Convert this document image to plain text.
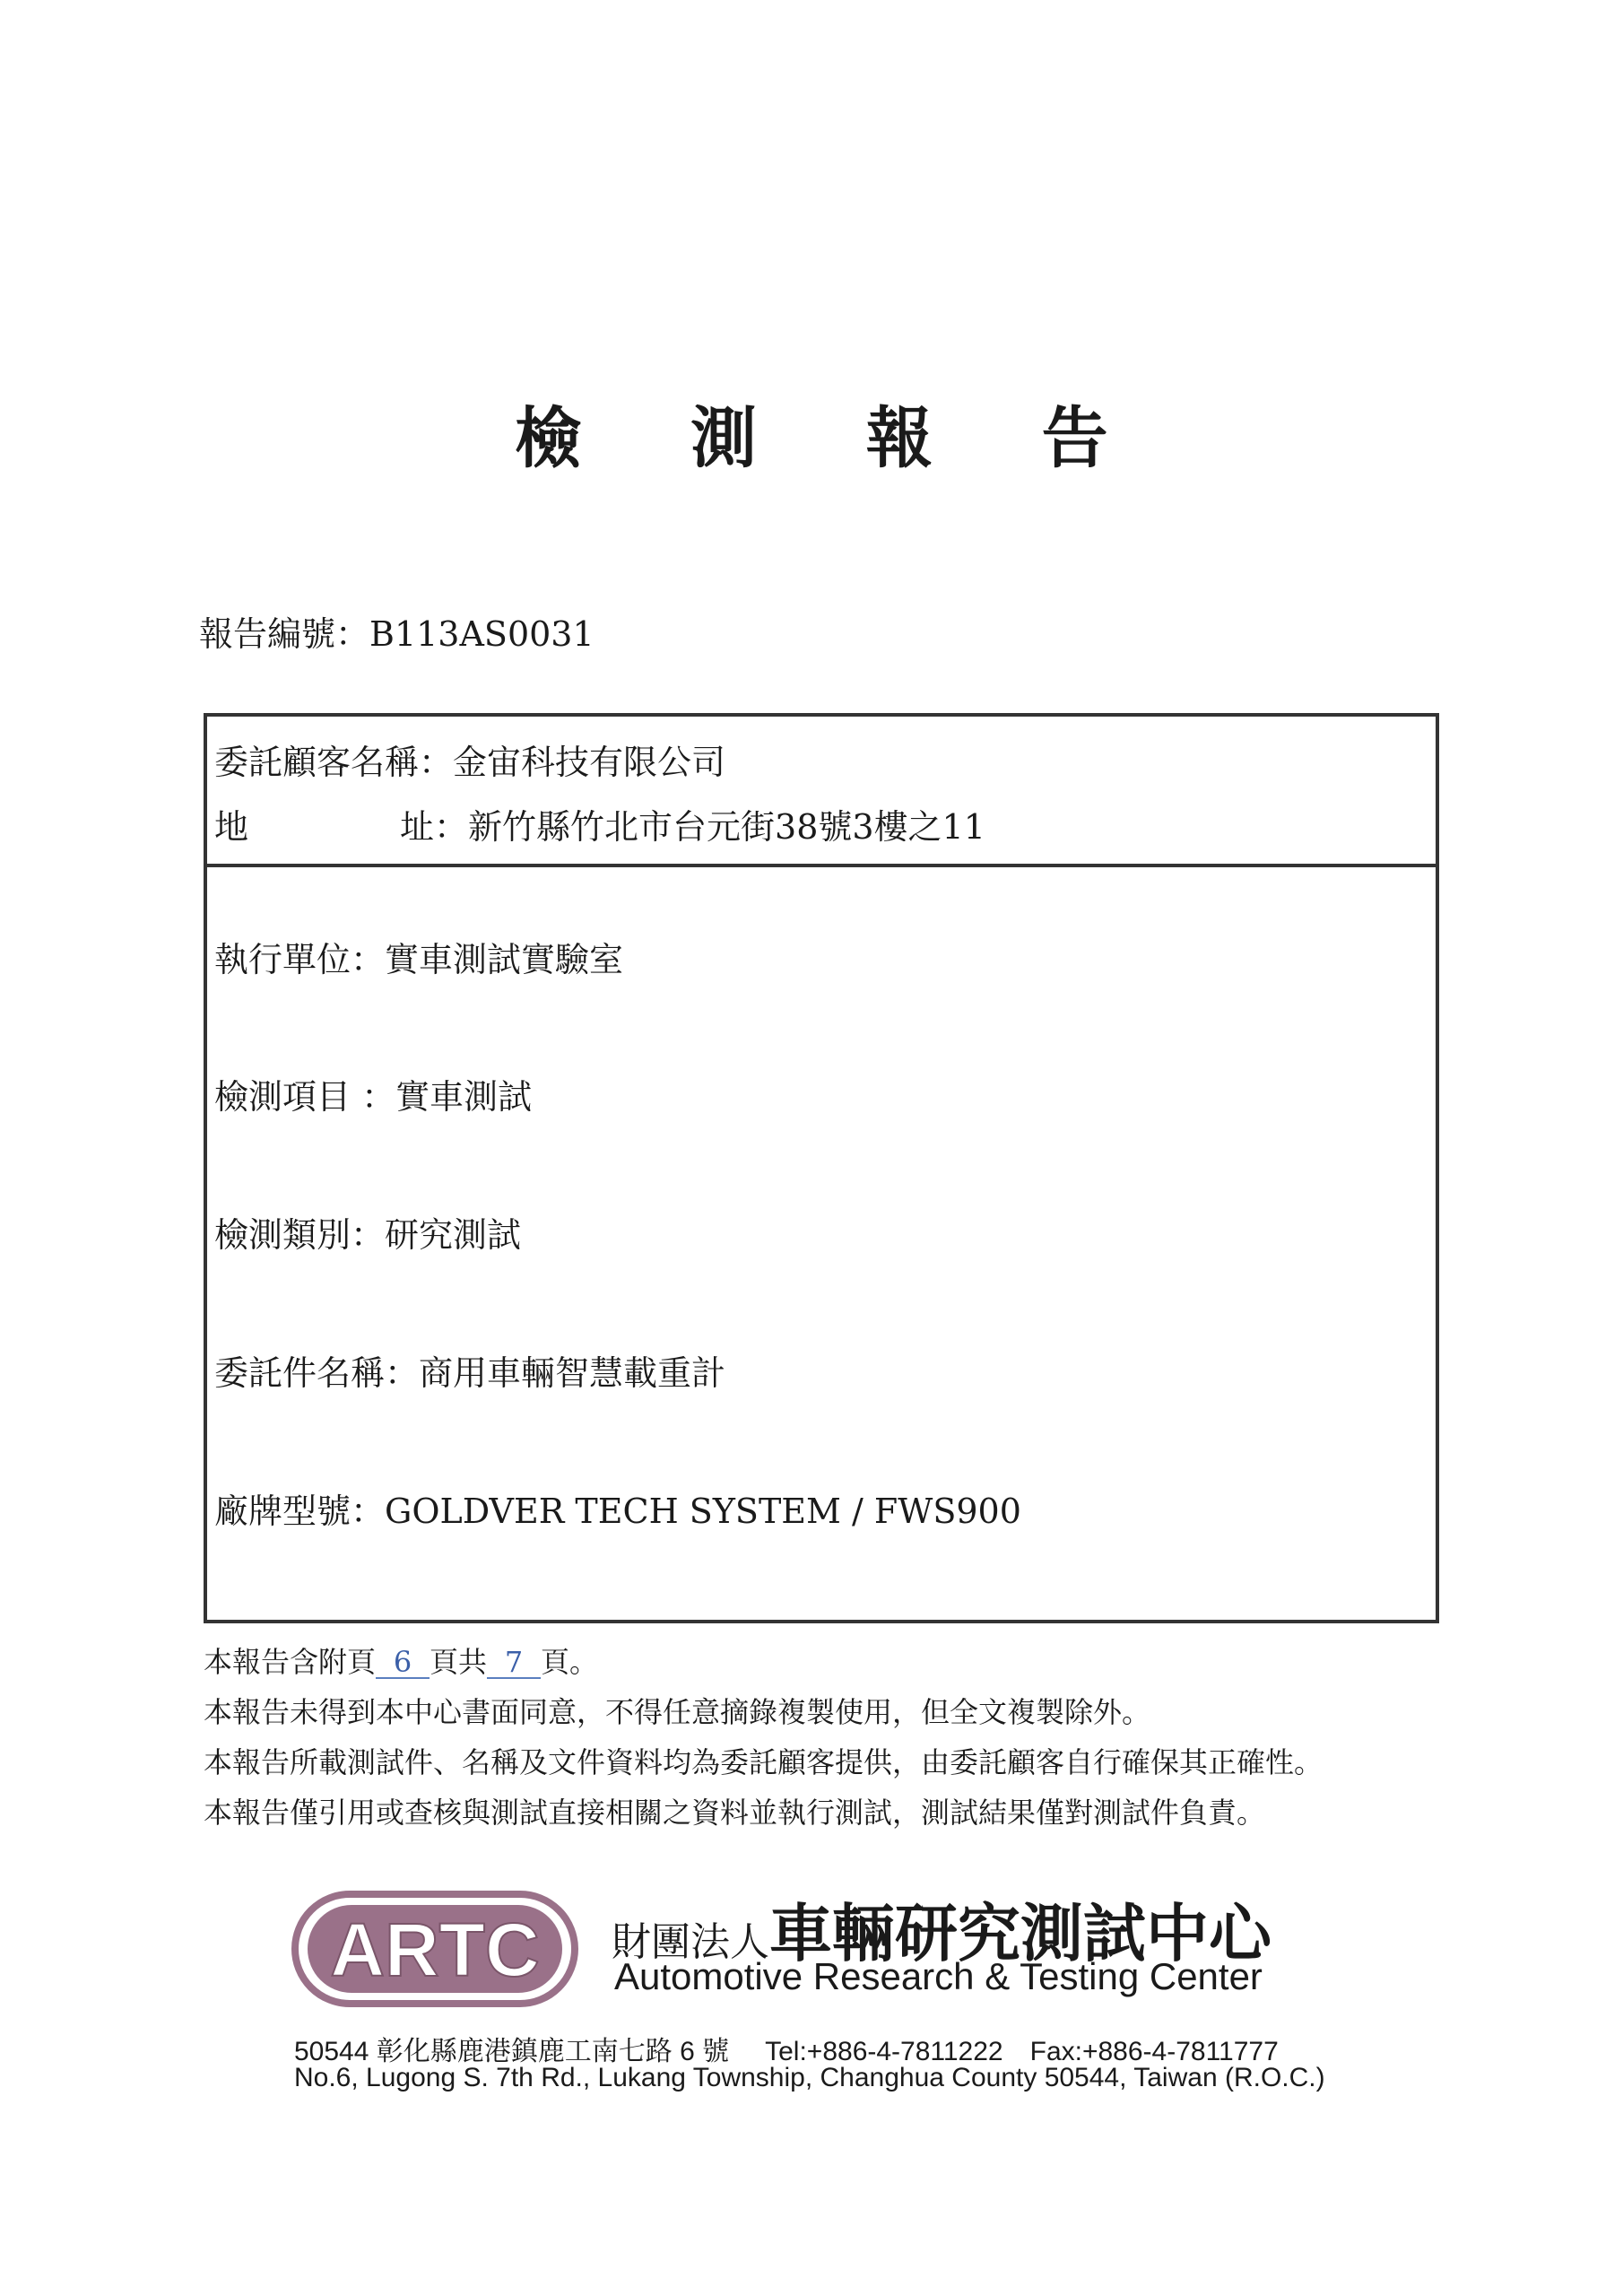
檢 測 報 告
報告編號：B113AS0031
委託顧客名稱：金宙科技有限公司
地	址：新竹縣竹北市台元街38號3樓之11
執行單位：實車測試實驗室
檢測項目 ：實車測試
檢測類別：研究測試
委託件名稱：商用車輛智慧載重計
廠牌型號：GOLDVER TECH SYSTEM / FWS900
本報告含附頁 6 頁共 7 頁。
本報告未得到本中心書面同意，不得任意摘錄複製使用，但全文複製除外。
本報告所載測試件、名稱及文件資料均為委託顧客提供，由委託顧客自行確保其正確性。
本報告僅引用或查核與測試直接相關之資料並執行測試，測試結果僅對測試件負責。
ARTC 財團法人車輛研究測試中心
Automotive Research & Testing Center
50544 彰化縣鹿港鎮鹿工南七路 6 號 Tel:+886-4-7811222 Fax:+886-4-7811777
No.6, Lugong S. 7th Rd., Lukang Township, Changhua County 50544, Taiwan (R.O.C.)
